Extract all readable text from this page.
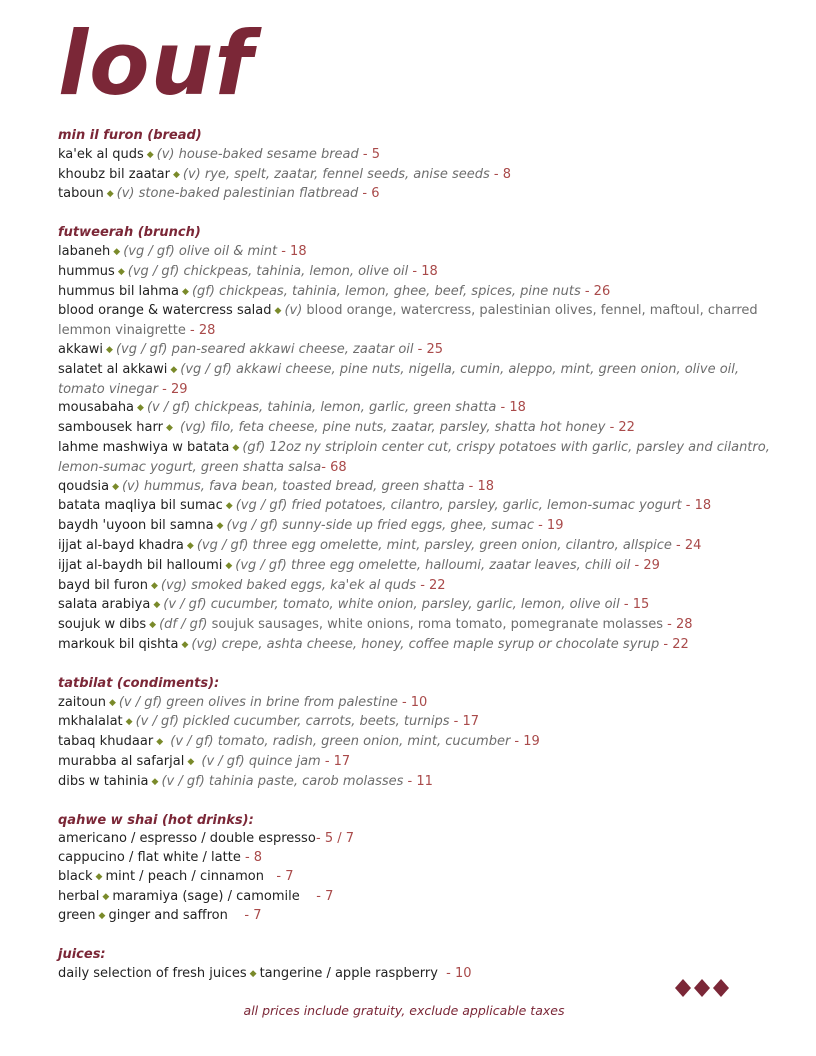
louf
min il furon (bread)
ka'ek al quds ◆ (v) house-baked sesame bread - 5
khoubz bil zaatar ◆ (v) rye, spelt, zaatar, fennel seeds, anise seeds - 8
taboun ◆ (v) stone-baked palestinian flatbread - 6
futweerah (brunch)
labaneh ◆ (vg / gf) olive oil & mint - 18
hummus ◆ (vg / gf) chickpeas, tahinia, lemon, olive oil - 18
hummus bil lahma ◆ (gf) chickpeas, tahinia, lemon, ghee, beef, spices, pine nuts - 26
blood orange & watercress salad ◆ (v) blood orange, watercress, palestinian olives, fennel, maftoul, charred lemmon vinaigrette - 28
akkawi ◆ (vg / gf) pan-seared akkawi cheese, zaatar oil - 25
salatet al akkawi ◆ (vg / gf) akkawi cheese, pine nuts, nigella, cumin, aleppo, mint, green onion, olive oil, tomato vinegar - 29
mousabaha ◆ (v / gf) chickpeas, tahinia, lemon, garlic, green shatta - 18
sambousek harr ◆ (vg) filo, feta cheese, pine nuts, zaatar, parsley, shatta hot honey - 22
lahme mashwiya w batata ◆ (gf) 12oz ny striploin center cut, crispy potatoes with garlic, parsley and cilantro, lemon-sumac yogurt, green shatta salsa- 68
qoudsia ◆ (v) hummus, fava bean, toasted bread, green shatta - 18
batata maqliya bil sumac ◆ (vg / gf) fried potatoes, cilantro, parsley, garlic, lemon-sumac yogurt - 18
baydh 'uyoon bil samna ◆ (vg / gf) sunny-side up fried eggs, ghee, sumac - 19
ijjat al-bayd khadra ◆ (vg / gf) three egg omelette, mint, parsley, green onion, cilantro, allspice - 24
ijjat al-baydh bil halloumi ◆ (vg / gf) three egg omelette, halloumi, zaatar leaves, chili oil - 29
bayd bil furon ◆ (vg) smoked baked eggs, ka'ek al quds - 22
salata arabiya ◆ (v / gf) cucumber, tomato, white onion, parsley, garlic, lemon, olive oil - 15
soujuk w dibs ◆ (df / gf) soujuk sausages, white onions, roma tomato, pomegranate molasses - 28
markouk bil qishta ◆ (vg) crepe, ashta cheese, honey, coffee maple syrup or chocolate syrup - 22
tatbilat (condiments):
zaitoun ◆ (v / gf) green olives in brine from palestine - 10
mkhalalat ◆ (v / gf) pickled cucumber, carrots, beets, turnips - 17
tabaq khudaar ◆ (v / gf) tomato, radish, green onion, mint, cucumber - 19
murabba al safarjal ◆ (v / gf) quince jam - 17
dibs w tahinia ◆ (v / gf) tahinia paste, carob molasses - 11
qahwe w shai (hot drinks):
americano / espresso / double espresso- 5 / 7
cappucino / flat white / latte - 8
black ◆ mint / peach / cinnamon   - 7
herbal ◆ maramiya (sage) / camomile    - 7
green ◆ ginger and saffron    - 7
juices:
daily selection of fresh juices ◆ tangerine / apple raspberry  - 10
all prices include gratuity, exclude applicable taxes
